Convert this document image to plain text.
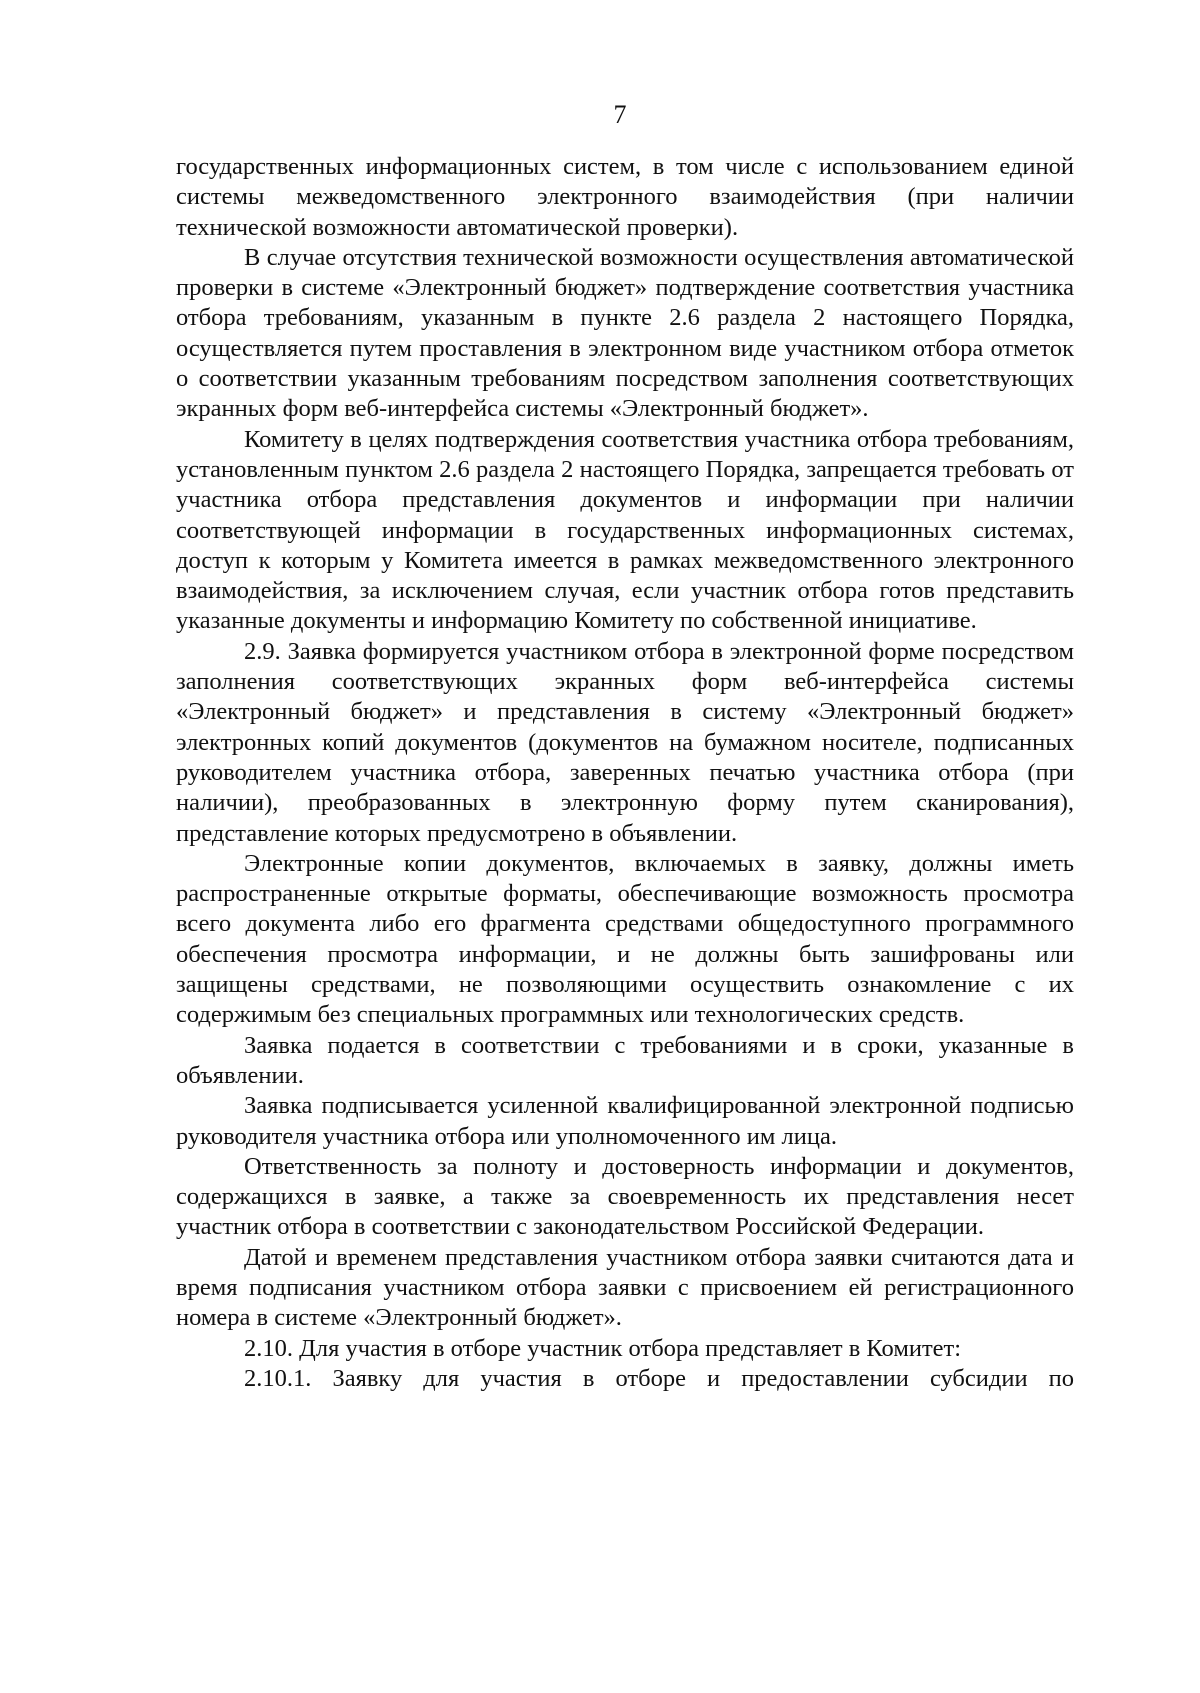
7

государственных информационных систем, в том числе с использованием единой системы межведомственного электронного взаимодействия (при наличии технической возможности автоматической проверки).

В случае отсутствия технической возможности осуществления автоматической проверки в системе «Электронный бюджет» подтверждение соответствия участника отбора требованиям, указанным в пункте 2.6 раздела 2 настоящего Порядка, осуществляется путем проставления в электронном виде участником отбора отметок о соответствии указанным требованиям посредством заполнения соответствующих экранных форм веб-интерфейса системы «Электронный бюджет».

Комитету в целях подтверждения соответствия участника отбора требованиям, установленным пунктом 2.6 раздела 2 настоящего Порядка, запрещается требовать от участника отбора представления документов и информации при наличии соответствующей информации в государственных информационных системах, доступ к которым у Комитета имеется в рамках межведомственного электронного взаимодействия, за исключением случая, если участник отбора готов представить указанные документы и информацию Комитету по собственной инициативе.

2.9. Заявка формируется участником отбора в электронной форме посредством заполнения соответствующих экранных форм веб-интерфейса системы «Электронный бюджет» и представления в систему «Электронный бюджет» электронных копий документов (документов на бумажном носителе, подписанных руководителем участника отбора, заверенных печатью участника отбора (при наличии), преобразованных в электронную форму путем сканирования), представление которых предусмотрено в объявлении.

Электронные копии документов, включаемых в заявку, должны иметь распространенные открытые форматы, обеспечивающие возможность просмотра всего документа либо его фрагмента средствами общедоступного программного обеспечения просмотра информации, и не должны быть зашифрованы или защищены средствами, не позволяющими осуществить ознакомление с их содержимым без специальных программных или технологических средств.

Заявка подается в соответствии с требованиями и в сроки, указанные в объявлении.

Заявка подписывается усиленной квалифицированной электронной подписью руководителя участника отбора или уполномоченного им лица.

Ответственность за полноту и достоверность информации и документов, содержащихся в заявке, а также за своевременность их представления несет участник отбора в соответствии с законодательством Российской Федерации.

Датой и временем представления участником отбора заявки считаются дата и время подписания участником отбора заявки с присвоением ей регистрационного номера в системе «Электронный бюджет».

2.10. Для участия в отборе участник отбора представляет в Комитет:

2.10.1. Заявку для участия в отборе и предоставлении субсидии по
